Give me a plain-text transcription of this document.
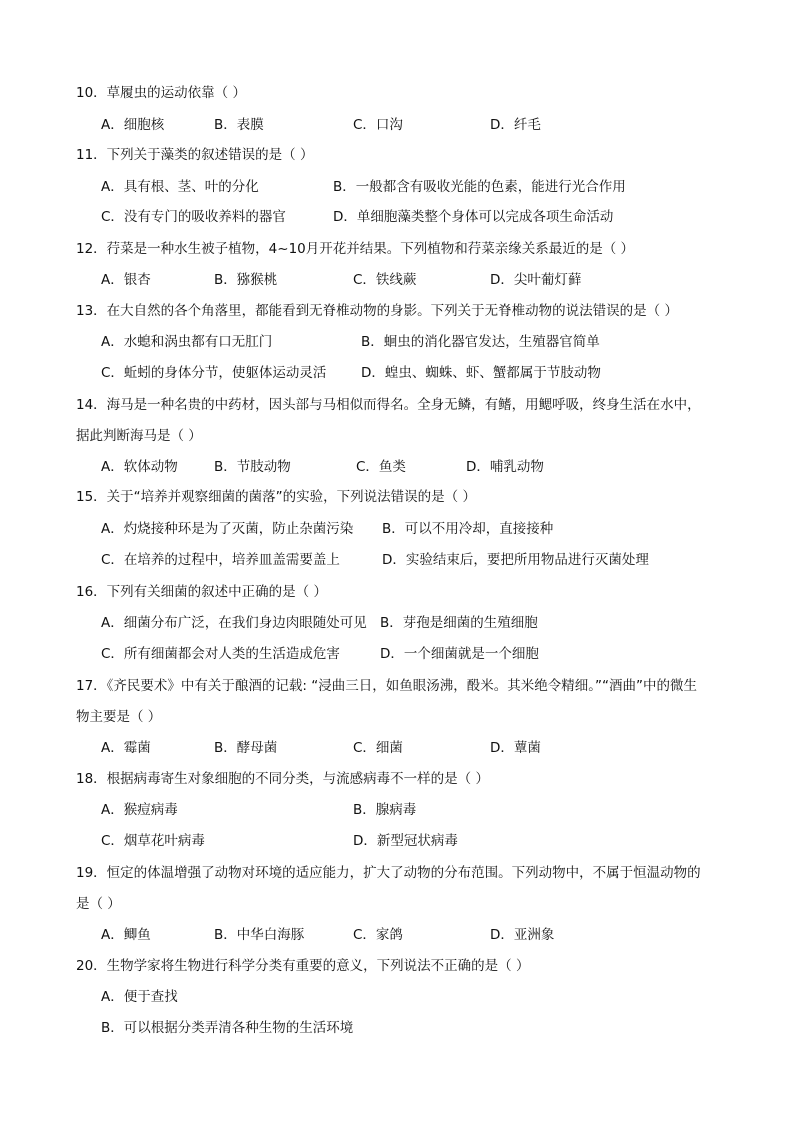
10．草履虫的运动依靠（ ）
A．细胞核	B．表膜	C．口沟	D．纤毛
11．下列关于藻类的叙述错误的是（ ）
A．具有根、茎、叶的分化	B．一般都含有吸收光能的色素，能进行光合作用
C．没有专门的吸收养料的器官	D．单细胞藻类整个身体可以完成各项生命活动
12．荇菜是一种水生被子植物，4~10月开花并结果。下列植物和荇菜亲缘关系最近的是（ ）
A．银杏	B．猕猴桃	C．铁线蕨	D．尖叶葡灯藓
13．在大自然的各个角落里，都能看到无脊椎动物的身影。下列关于无脊椎动物的说法错误的是（ ）
A．水螅和涡虫都有口无肛门	B．蛔虫的消化器官发达，生殖器官简单
C．蚯蚓的身体分节，使躯体运动灵活	D．蝗虫、蜘蛛、虾、蟹都属于节肢动物
14．海马是一种名贵的中药材，因头部与马相似而得名。全身无鳞，有鳍，用鳃呼吸，终身生活在水中，
据此判断海马是（ ）
A．软体动物	B．节肢动物	C．鱼类	D．哺乳动物
15．关于“培养并观察细菌的菌落”的实验，下列说法错误的是（ ）
A．灼烧接种环是为了灭菌，防止杂菌污染 B．可以不用冷却，直接接种
C．在培养的过程中，培养皿盖需要盖上	D．实验结束后，要把所用物品进行灭菌处理
16．下列有关细菌的叙述中正确的是（ ）
A．细菌分布广泛，在我们身边肉眼随处可见 B．芽孢是细菌的生殖细胞
C．所有细菌都会对人类的生活造成危害	D．一个细菌就是一个细胞
17．《齐民要术》中有关于酿酒的记载: “浸曲三日，如鱼眼汤沸，酘米。其米绝令精细。”“酒曲”中的微生
物主要是（ ）
A．霉菌	B．酵母菌	C．细菌	D．蕈菌
18．根据病毒寄生对象细胞的不同分类，与流感病毒不一样的是（ ）
A．猴痘病毒	B．腺病毒
C．烟草花叶病毒	D．新型冠状病毒
19．恒定的体温增强了动物对环境的适应能力，扩大了动物的分布范围。下列动物中，不属于恒温动物的
是（ ）
A．鲫鱼	B．中华白海豚	C．家鸽	D．亚洲象
20．生物学家将生物进行科学分类有重要的意义，下列说法不正确的是（ ）
A．便于查找
B．可以根据分类弄清各种生物的生活环境
